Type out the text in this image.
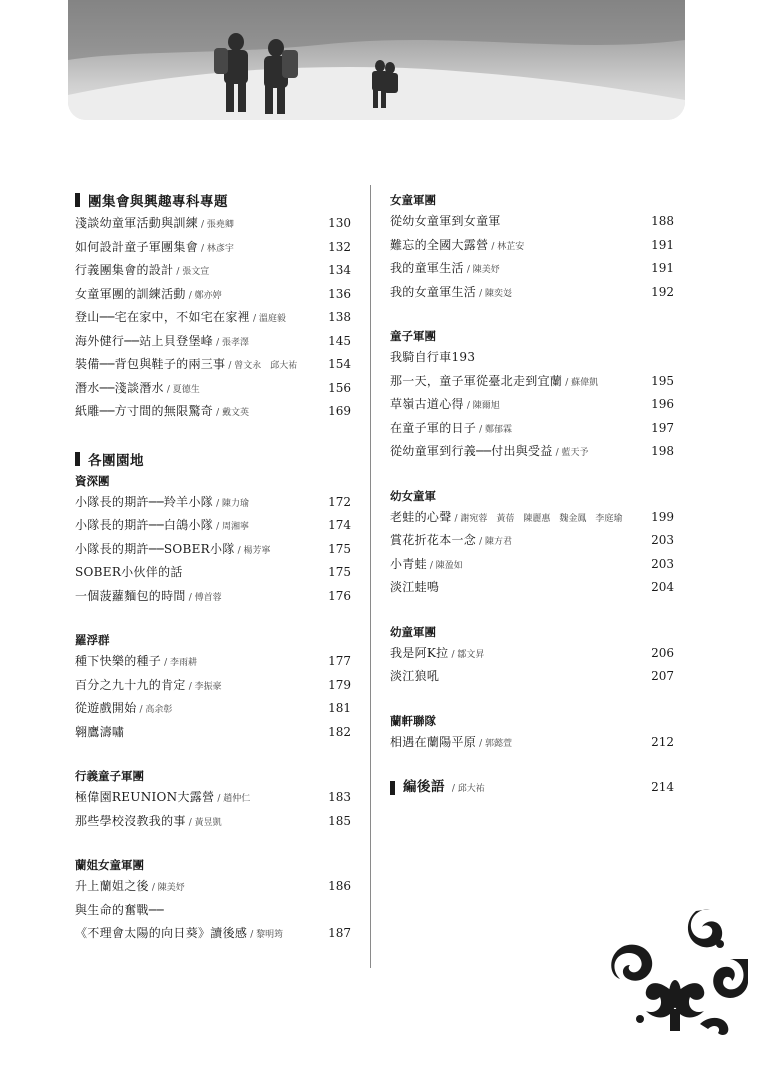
團集會與興趣專科專題
淺談幼童軍活動與訓練 / 張堯卿	130
如何設計童子軍團集會 / 林彥宇	132
行義團集會的設計 / 張文宣	134
女童軍團的訓練活動 / 鄭亦婷	136
登山──宅在家中，不如宅在家裡 / 溫庭毅	138
海外健行──站上貝登堡峰 / 張孝澤	145
裝備──背包與鞋子的兩三事 / 曾文永　邱大祐	154
潛水──淺談潛水 / 夏德生	156
紙雕──方寸間的無限驚奇 / 戴文英	169
各團園地
資深團
小隊長的期許──羚羊小隊 / 陳力瑜	172
小隊長的期許──白鴿小隊 / 周湘寧	174
小隊長的期許──SOBER小隊 / 楊芳寧	175
SOBER小伙伴的話	175
一個菠蘿麵包的時間 / 傅首蓉	176
羅浮群
種下快樂的種子 / 李雨耕	177
百分之九十九的肯定 / 李振豪	179
從遊戲開始 / 高余彰	181
翱鷹濤嘯	182
行義童子軍團
極偉園REUNION大露營 / 趙仲仁	183
那些學校沒教我的事 / 黃昱凱	185
蘭姐女童軍團
升上蘭姐之後 / 陳美妤	186
與生命的奮戰──
《不理會太陽的向日葵》讀後感 / 黎明筠	187
女童軍團
從幼女童軍到女童軍	188
難忘的全國大露營 / 林芷安	191
我的童軍生活 / 陳美妤	191
我的女童軍生活 / 陳奕彣	192
童子軍團
我騎自行車193
那一天，童子軍從臺北走到宜蘭 / 蘇偉凱	195
草嶺古道心得 / 陳爾旭	196
在童子軍的日子 / 鄭郁霖	197
從幼童軍到行義──付出與受益 / 藍天予	198
幼女童軍
老蛙的心聲 / 謝宛蓉　黃蓓　陳麗惠　魏金鳳　李庭瑜 199
賞花折花本一念 / 陳方君	203
小青蛙 / 陳盈如	203
淡江蛙鳴	204
幼童軍團
我是阿K拉 / 鄒文昇	206
淡江狼吼	207
蘭軒聯隊
相遇在蘭陽平原 / 郭懿萱	212
編後語 / 邱大祐	214
